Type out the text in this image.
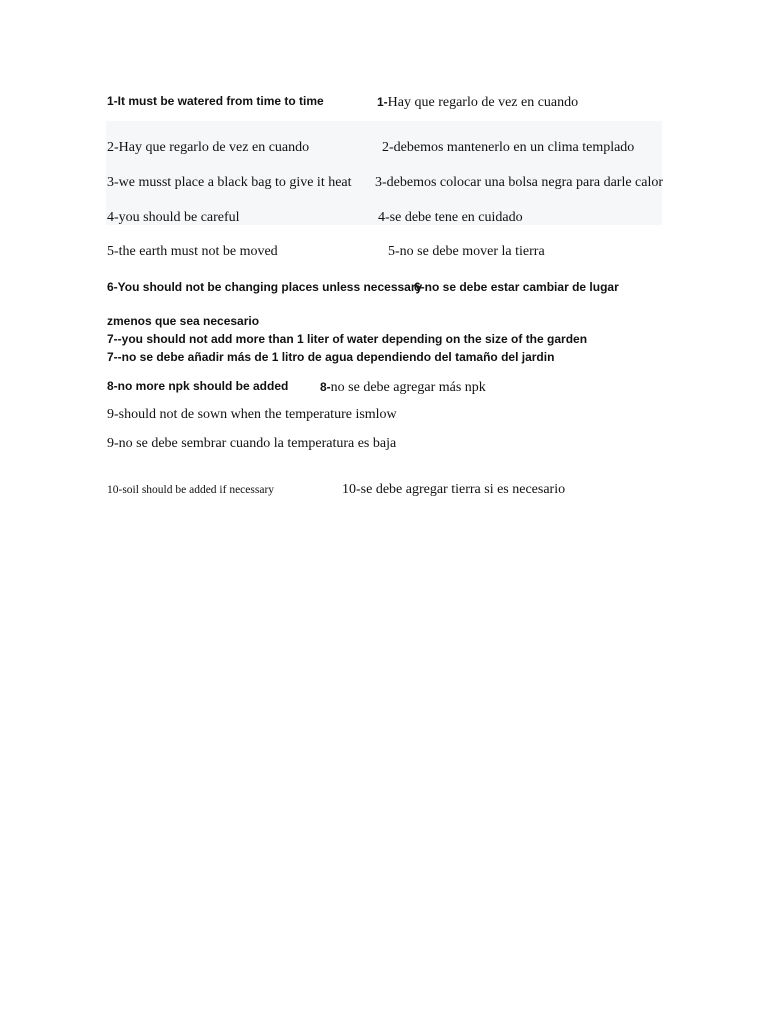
1-It must be watered from time to time	1-Hay que regarlo de vez en cuando
2-Hay que regarlo de vez en cuando	2-debemos mantenerlo en un clima templado
3-we musst place a black bag to give it heat 3-debemos colocar una bolsa negra para darle calor
4-you should be careful	4-se debe tene en cuidado
5-the earth must not be moved	5-no se debe mover la tierra
6-You should not be changing places unless necessary
6-no se debe estar cambiar de lugar
zmenos que sea necesario
7--you should not add more than 1 liter of water depending on the size of the garden
7--no se debe añadir más de 1 litro de agua dependiendo del tamaño del jardin
8-no more npk should be added	8-no se debe agregar más npk
9-should not de sown when the temperature ismlow
9-no se debe sembrar cuando la temperatura es baja
10-soil should be added if necessary	10-se debe agregar tierra si es necesario
